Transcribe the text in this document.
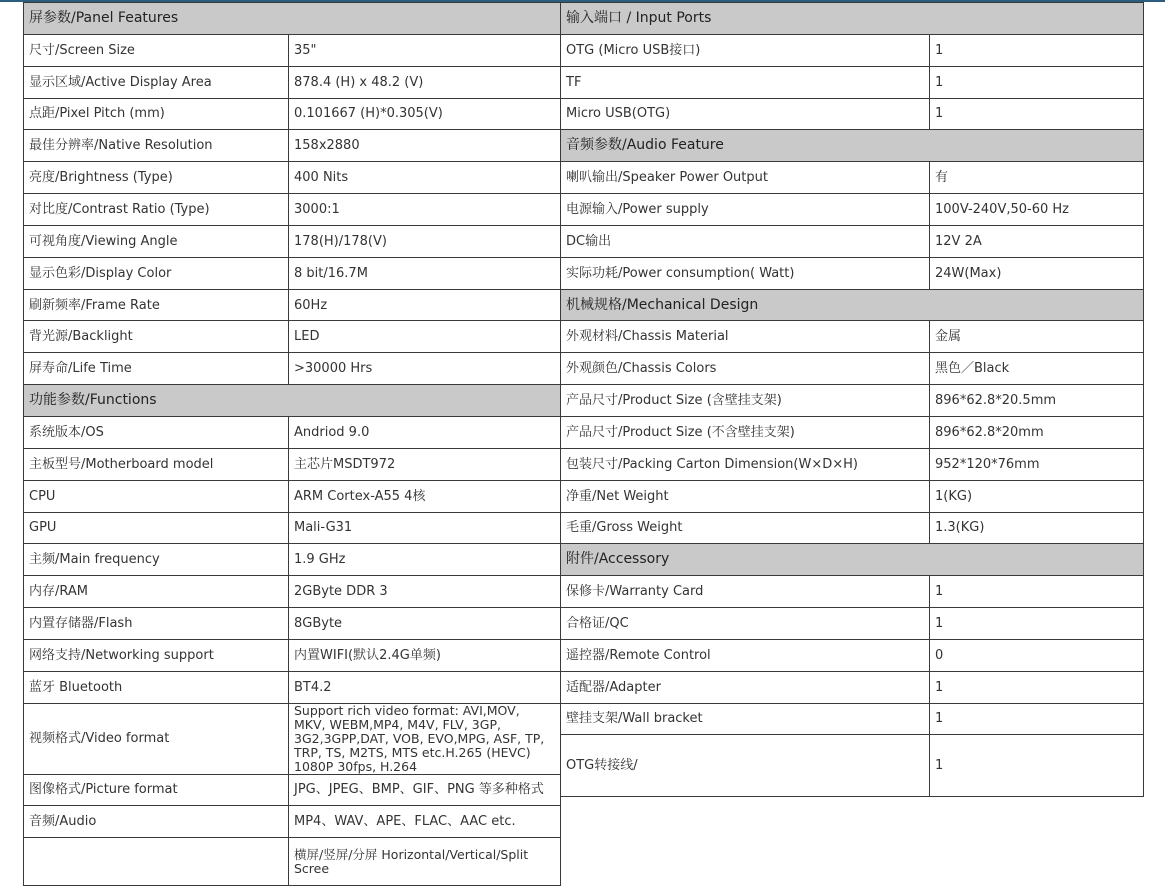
屏参数/Panel Features	
尺寸/Screen Size	35"
显示区域/Active Display Area	878.4 (H) x 48.2 (V)
点距/Pixel Pitch (mm)	0.101667 (H)*0.305(V)
最佳分辨率/Native Resolution	158x2880
亮度/Brightness (Type)	400 Nits
对比度/Contrast Ratio (Type)	3000:1
可视角度/Viewing Angle	178(H)/178(V)
显示色彩/Display Color	8 bit/16.7M
刷新频率/Frame Rate	60Hz
背光源/Backlight	LED
屏寿命/Life Time	>30000 Hrs
功能参数/Functions	
系统版本/OS	Andriod 9.0
主板型号/Motherboard model	主芯片MSDT972
CPU	ARM Cortex-A55 4核
GPU	Mali-G31
主频/Main frequency	1.9 GHz
内存/RAM	2GByte DDR 3
内置存储器/Flash	8GByte
网络支持/Networking support	内置WIFI(默认2.4G单频)
蓝牙 Bluetooth	BT4.2
视频格式/Video format	Support rich video format: AVI,MOV, MKV, WEBM,MP4, M4V, FLV, 3GP, 3G2,3GPP,DAT, VOB, EVO,MPG, ASF, TP, TRP, TS, M2TS, MTS etc.H.265 (HEVC) 1080P 30fps, H.264
图像格式/Picture format	JPG、JPEG、BMP、GIF、PNG 等多种格式
音频/Audio	MP4、WAV、APE、FLAC、AAC etc.
	横屏/竖屏/分屏 Horizontal/Vertical/Split Scree
输入端口 / Input Ports	
OTG (Micro USB接口)	1
TF	1
Micro USB(OTG)	1
音频参数/Audio Feature	
喇叭输出/Speaker Power Output	有
电源输入/Power supply	100V-240V,50-60 Hz
DC输出	12V 2A
实际功耗/Power consumption( Watt)	24W(Max)
机械规格/Mechanical Design	
外观材料/Chassis Material	金属
外观颜色/Chassis Colors	黑色／Black
产品尺寸/Product Size (含壁挂支架)	896*62.8*20.5mm
产品尺寸/Product Size (不含壁挂支架)	896*62.8*20mm
包装尺寸/Packing Carton Dimension(W×D×H)	952*120*76mm
净重/Net Weight	1(KG)
毛重/Gross Weight	1.3(KG)
附件/Accessory	
保修卡/Warranty Card	1
合格证/QC	1
遥控器/Remote Control	0
适配器/Adapter	1
壁挂支架/Wall bracket	1
OTG转接线/	1
